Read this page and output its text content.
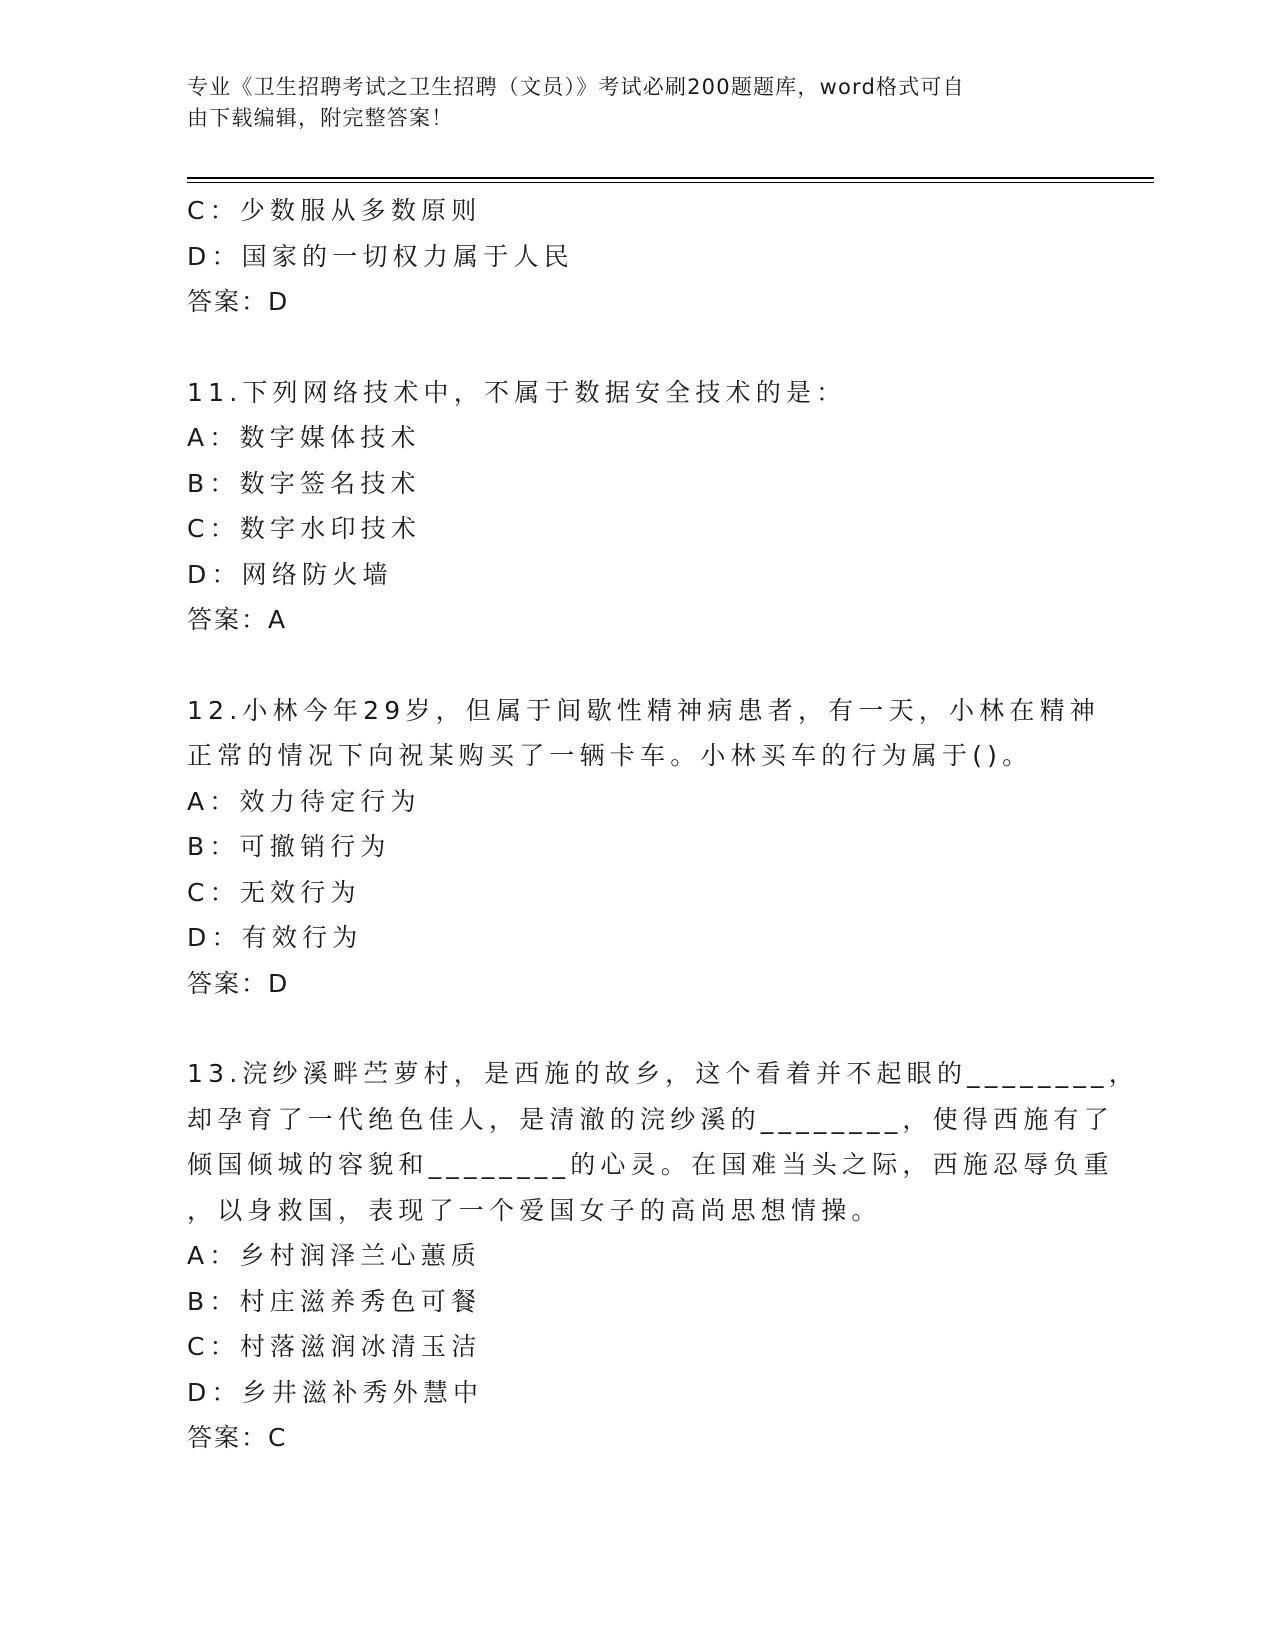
专业《卫生招聘考试之卫生招聘（文员）》考试必刷200题题库，word格式可自
由下载编辑，附完整答案！
C：少数服从多数原则
D：国家的一切权力属于人民
答案：D
11.下列网络技术中，不属于数据安全技术的是：
A：数字媒体技术
B：数字签名技术
C：数字水印技术
D：网络防火墙
答案：A
12.小林今年29岁，但属于间歇性精神病患者，有一天，小林在精神
正常的情况下向祝某购买了一辆卡车。小林买车的行为属于()。
A：效力待定行为
B：可撤销行为
C：无效行为
D：有效行为
答案：D
13.浣纱溪畔苎萝村，是西施的故乡，这个看着并不起眼的________，
却孕育了一代绝色佳人，是清澈的浣纱溪的________，使得西施有了
倾国倾城的容貌和________的心灵。在国难当头之际，西施忍辱负重
，以身救国，表现了一个爱国女子的高尚思想情操。
A：乡村润泽兰心蕙质
B：村庄滋养秀色可餐
C：村落滋润冰清玉洁
D：乡井滋补秀外慧中
答案：C
